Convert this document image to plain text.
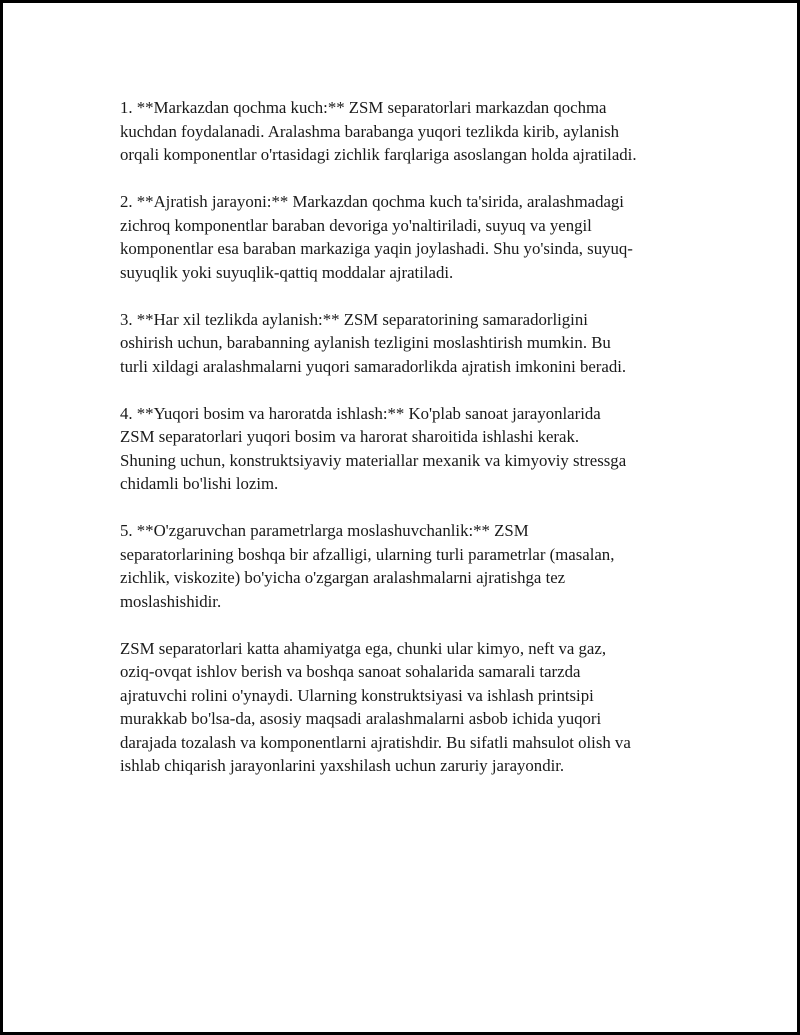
1. **Markazdan qochma kuch:** ZSM separatorlari markazdan qochma
kuchdan foydalanadi. Aralashma barabanga yuqori tezlikda kirib, aylanish
orqali komponentlar o'rtasidagi zichlik farqlariga asoslangan holda ajratiladi.

2. **Ajratish jarayoni:** Markazdan qochma kuch ta'sirida, aralashmadagi
zichroq komponentlar baraban devoriga yo'naltiriladi, suyuq va yengil
komponentlar esa baraban markaziga yaqin joylashadi. Shu yo'sinda, suyuq-
suyuqlik yoki suyuqlik-qattiq moddalar ajratiladi.

3. **Har xil tezlikda aylanish:** ZSM separatorining samaradorligini
oshirish uchun, barabanning aylanish tezligini moslashtirish mumkin. Bu
turli xildagi aralashmalarni yuqori samaradorlikda ajratish imkonini beradi.

4. **Yuqori bosim va haroratda ishlash:** Ko'plab sanoat jarayonlarida
ZSM separatorlari yuqori bosim va harorat sharoitida ishlashi kerak.
Shuning uchun, konstruktsiyaviy materiallar mexanik va kimyoviy stressga
chidamli bo'lishi lozim.

5. **O'zgaruvchan parametrlarga moslashuvchanlik:** ZSM
separatorlarining boshqa bir afzalligi, ularning turli parametrlar (masalan,
zichlik, viskozite) bo'yicha o'zgargan aralashmalarni ajratishga tez
moslashishidir.

ZSM separatorlari katta ahamiyatga ega, chunki ular kimyo, neft va gaz,
oziq-ovqat ishlov berish va boshqa sanoat sohalarida samarali tarzda
ajratuvchi rolini o'ynaydi. Ularning konstruktsiyasi va ishlash printsipi
murakkab bo'lsa-da, asosiy maqsadi aralashmalarni asbob ichida yuqori
darajada tozalash va komponentlarni ajratishdir. Bu sifatli mahsulot olish va
ishlab chiqarish jarayonlarini yaxshilash uchun zaruriy jarayondir.
